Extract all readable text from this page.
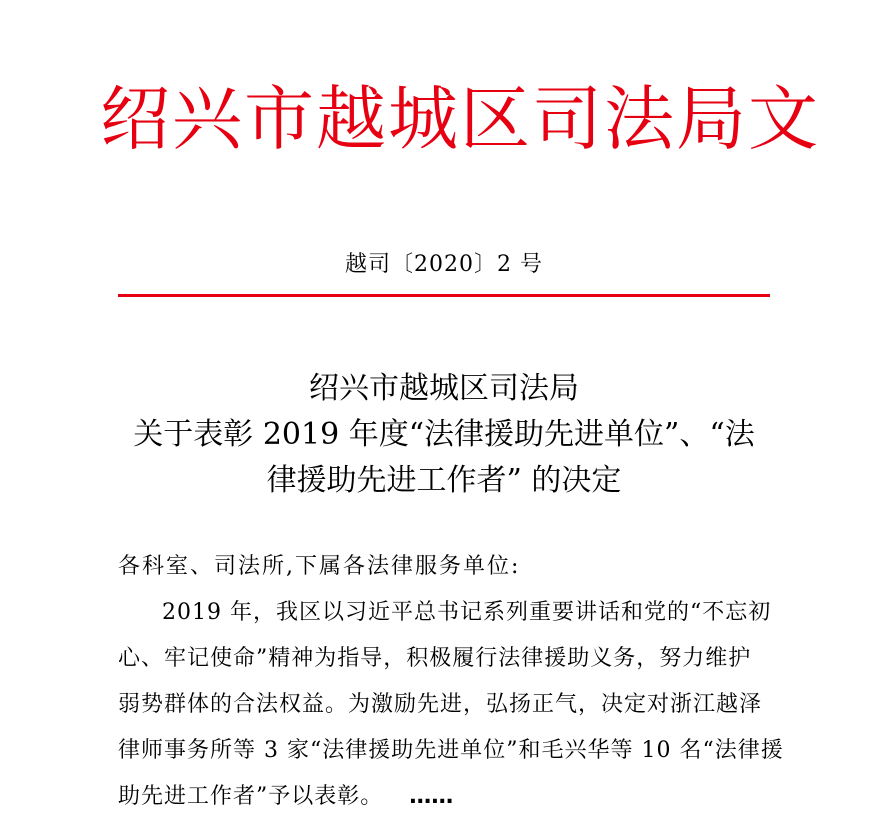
绍兴市越城区司法局文
越司〔2020〕2 号
绍兴市越城区司法局
关于表彰 2019 年度“法律援助先进单位”、“法
律援助先进工作者” 的决定
各科室、司法所,下属各法律服务单位:
2019 年，我区以习近平总书记系列重要讲话和党的“不忘初
心、牢记使命”精神为指导，积极履行法律援助义务，努力维护
弱势群体的合法权益。为激励先进，弘扬正气，决定对浙江越泽
律师事务所等 3 家“法律援助先进单位”和毛兴华等 10 名“法律援
助先进工作者”予以表彰。 ……
